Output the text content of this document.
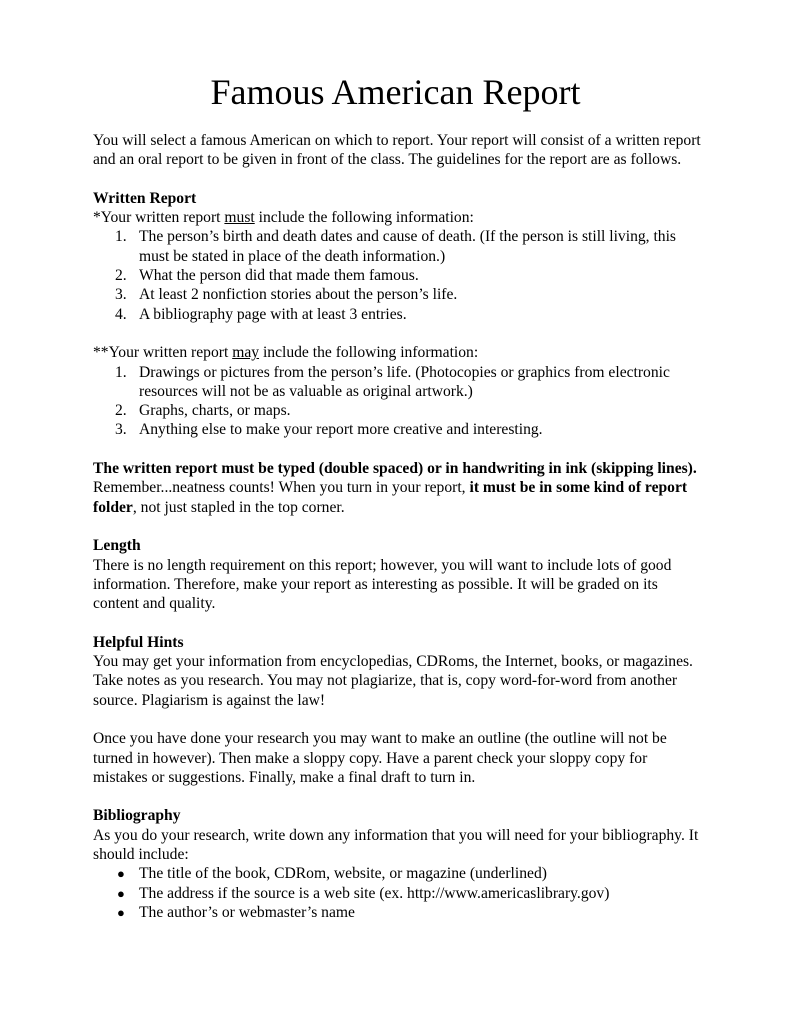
Famous American Report

You will select a famous American on which to report. Your report will consist of a written report and an oral report to be given in front of the class. The guidelines for the report are as follows.

Written Report

*Your written report must include the following information:

1. The person’s birth and death dates and cause of death. (If the person is still living, this must be stated in place of the death information.)
2. What the person did that made them famous.
3. At least 2 nonfiction stories about the person’s life.
4. A bibliography page with at least 3 entries.

**Your written report may include the following information:

1. Drawings or pictures from the person’s life. (Photocopies or graphics from electronic resources will not be as valuable as original artwork.)
2. Graphs, charts, or maps.
3. Anything else to make your report more creative and interesting.

The written report must be typed (double spaced) or in handwriting in ink (skipping lines). Remember...neatness counts! When you turn in your report, it must be in some kind of report folder, not just stapled in the top corner.

Length

There is no length requirement on this report; however, you will want to include lots of good information. Therefore, make your report as interesting as possible. It will be graded on its content and quality.

Helpful Hints

You may get your information from encyclopedias, CDRoms, the Internet, books, or magazines. Take notes as you research. You may not plagiarize, that is, copy word-for-word from another source. Plagiarism is against the law!

Once you have done your research you may want to make an outline (the outline will not be turned in however). Then make a sloppy copy. Have a parent check your sloppy copy for mistakes or suggestions. Finally, make a final draft to turn in.

Bibliography

As you do your research, write down any information that you will need for your bibliography. It should include:

● The title of the book, CDRom, website, or magazine (underlined)
● The address if the source is a web site (ex. http://www.americaslibrary.gov)
● The author’s or webmaster’s name
